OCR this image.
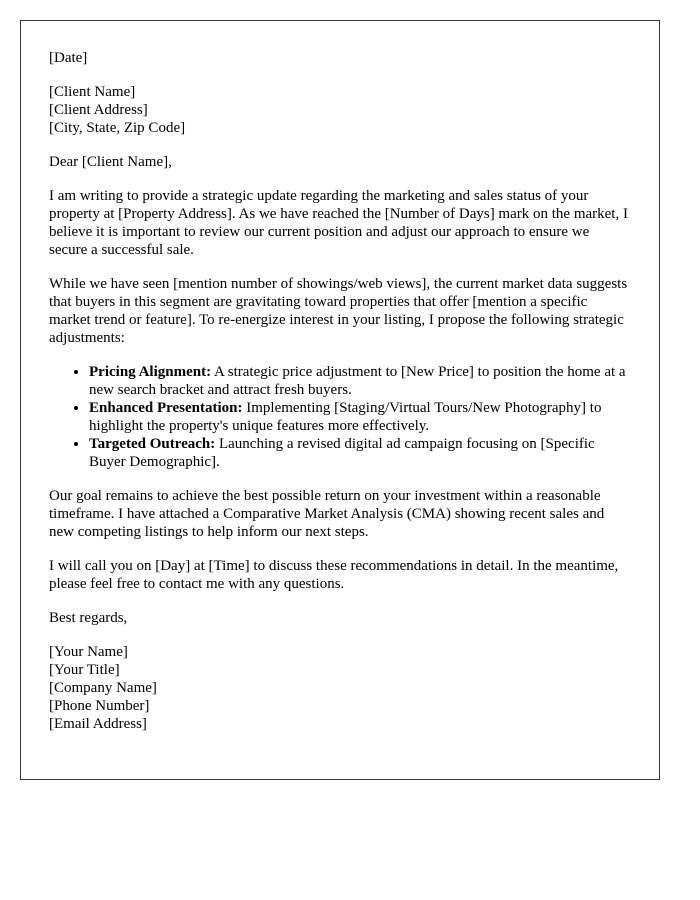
[Date]
[Client Name]
[Client Address]
[City, State, Zip Code]

Dear [Client Name],

I am writing to provide a strategic update regarding the marketing and sales status of your property at [Property Address]. As we have reached the [Number of Days] mark on the market, I believe it is important to review our current position and adjust our approach to ensure we secure a successful sale.

While we have seen [mention number of showings/web views], the current market data suggests that buyers in this segment are gravitating toward properties that offer [mention a specific market trend or feature]. To re-energize interest in your listing, I propose the following strategic adjustments:

• Pricing Alignment: A strategic price adjustment to [New Price] to position the home at a new search bracket and attract fresh buyers.
• Enhanced Presentation: Implementing [Staging/Virtual Tours/New Photography] to highlight the property's unique features more effectively.
• Targeted Outreach: Launching a revised digital ad campaign focusing on [Specific Buyer Demographic].

Our goal remains to achieve the best possible return on your investment within a reasonable timeframe. I have attached a Comparative Market Analysis (CMA) showing recent sales and new competing listings to help inform our next steps.

I will call you on [Day] at [Time] to discuss these recommendations in detail. In the meantime, please feel free to contact me with any questions.

Best regards,

[Your Name]
[Your Title]
[Company Name]
[Phone Number]
[Email Address]
